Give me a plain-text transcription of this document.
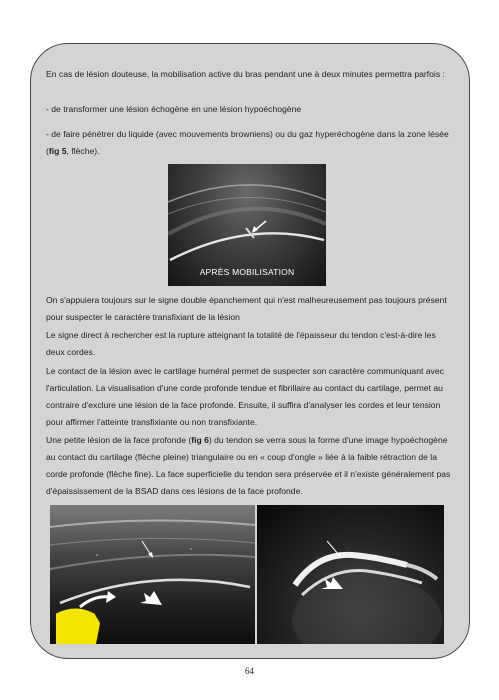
En cas de lésion douteuse, la mobilisation active du bras pendant une à deux minutes permettra parfois :

- de transformer une lésion échogène en une lésion hypoéchogène

- de faire pénétrer du liquide (avec mouvements browniens) ou du gaz hyperéchogène dans la zone lésée (fig 5, flèche).

APRÈS MOBILISATION

On s'appuiera toujours sur le signe double épanchement qui n'est malheureusement pas toujours présent pour suspecter le caractère transfixiant de la lésion

Le signe direct à rechercher est la rupture atteignant la totalité de l'épaisseur du tendon c'est-à-dire les deux cordes.

Le contact de la lésion avec le cartilage huméral permet de suspecter son caractère communiquant avec l'articulation. La visualisation d'une corde profonde tendue et fibrillaire au contact du cartilage, permet au contraire d'exclure une lésion de la face profonde. Ensuite, il suffira d'analyser les cordes et leur tension pour affirmer l'atteinte transfixiante ou non transfixiante.

Une petite lésion de la face profonde (fig 6) du tendon se verra sous la forme d'une image hypoéchogène au contact du cartilage (flèche pleine) triangulaire ou en « coup d'ongle » liée à la faible rétraction de la corde profonde (flèche fine). La face superficielle du tendon sera préservée et il n'existe généralement pas d'épaississement de la BSAD dans ces lésions de la face profonde.

64
